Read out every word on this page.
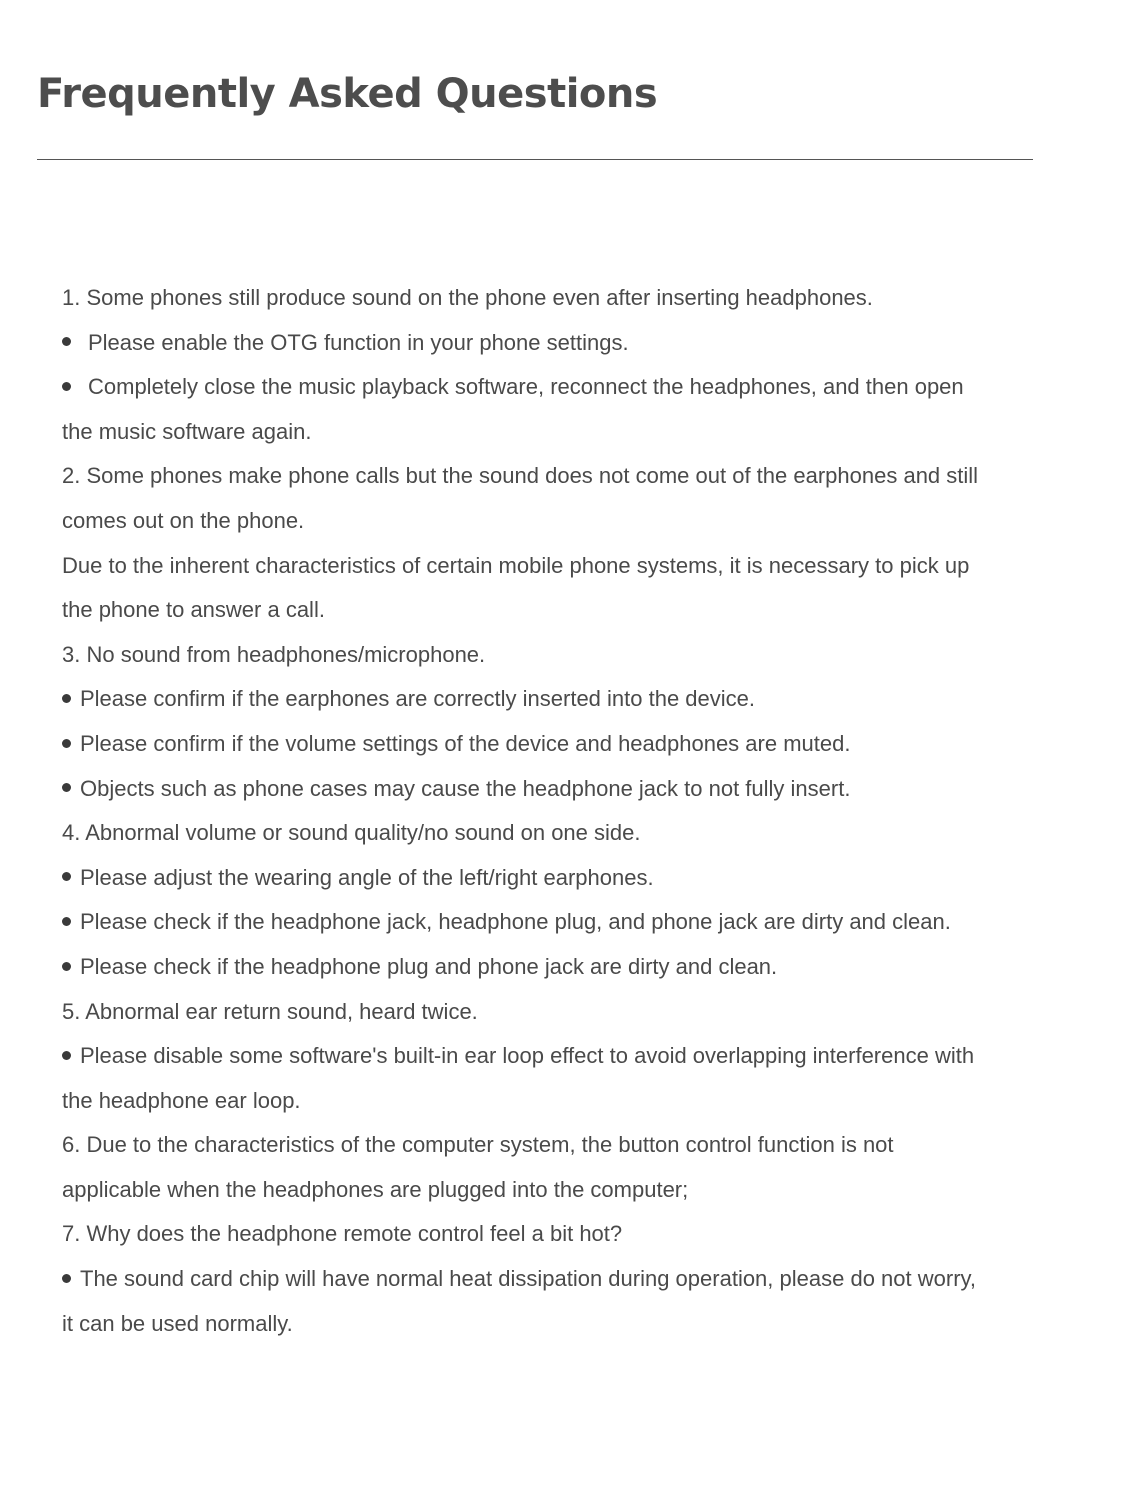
Frequently Asked Questions
1. Some phones still produce sound on the phone even after inserting headphones.
Please enable the OTG function in your phone settings.
Completely close the music playback software, reconnect the headphones, and then open
the music software again.
2. Some phones make phone calls but the sound does not come out of the earphones and still
comes out on the phone.
Due to the inherent characteristics of certain mobile phone systems, it is necessary to pick up
the phone to answer a call.
3. No sound from headphones/microphone.
Please confirm if the earphones are correctly inserted into the device.
Please confirm if the volume settings of the device and headphones are muted.
Objects such as phone cases may cause the headphone jack to not fully insert.
4. Abnormal volume or sound quality/no sound on one side.
Please adjust the wearing angle of the left/right earphones.
Please check if the headphone jack, headphone plug, and phone jack are dirty and clean.
Please check if the headphone plug and phone jack are dirty and clean.
5. Abnormal ear return sound, heard twice.
Please disable some software's built-in ear loop effect to avoid overlapping interference with
the headphone ear loop.
6. Due to the characteristics of the computer system, the button control function is not
applicable when the headphones are plugged into the computer;
7. Why does the headphone remote control feel a bit hot?
The sound card chip will have normal heat dissipation during operation, please do not worry,
it can be used normally.
